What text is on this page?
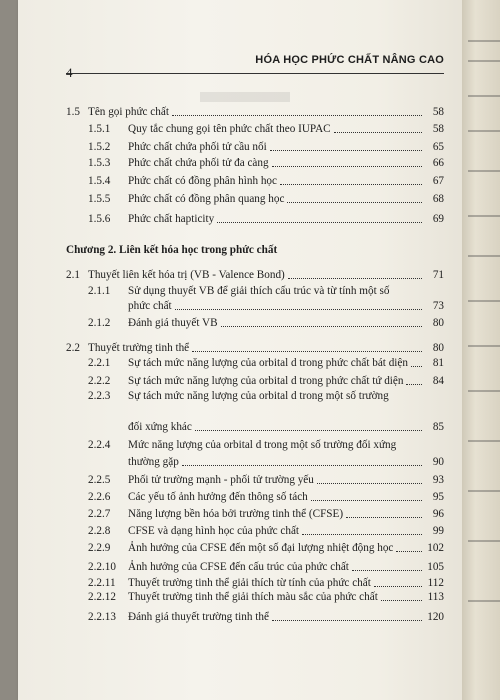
4
HÓA HỌC PHỨC CHẤT NÂNG CAO
1.5 Tên gọi phức chất	58
1.5.1 Quy tắc chung gọi tên phức chất theo IUPAC	58
1.5.2 Phức chất chứa phối tử cầu nối	65
1.5.3 Phức chất chứa phối tử đa càng	66
1.5.4 Phức chất có đồng phân hình học	67
1.5.5 Phức chất có đồng phân quang học	68
1.5.6 Phức chất hapticity	69
Chương 2. Liên kết hóa học trong phức chất
2.1 Thuyết liên kết hóa trị (VB - Valence Bond)	71
2.1.1 Sử dụng thuyết VB để giải thích cấu trúc và từ tính một số
phức chất	73
2.1.2 Đánh giá thuyết VB	80
2.2 Thuyết trường tinh thể	80
2.2.1 Sự tách mức năng lượng của orbital d trong phức chất bát diện 81
2.2.2 Sự tách mức năng lượng của orbital d trong phức chất tứ diện	84
2.2.3 Sự tách mức năng lượng của orbital d trong một số trường
đối xứng khác	85
2.2.4 Mức năng lượng của orbital d trong một số trường đối xứng
thường gặp	90
2.2.5 Phối tử trường mạnh - phối tử trường yếu	93
2.2.6 Các yếu tố ảnh hưởng đến thông số tách	95
2.2.7 Năng lượng bền hóa bởi trường tinh thể (CFSE)	96
2.2.8 CFSE và dạng hình học của phức chất	99
2.2.9 Ảnh hưởng của CFSE đến một số đại lượng nhiệt động học	102
2.2.10 Ảnh hưởng của CFSE đến cấu trúc của phức chất	105
2.2.11 Thuyết trường tinh thể giải thích từ tính của phức chất	112
2.2.12 Thuyết trường tinh thể giải thích màu sắc của phức chất	113
2.2.13 Đánh giá thuyết trường tinh thể	120
